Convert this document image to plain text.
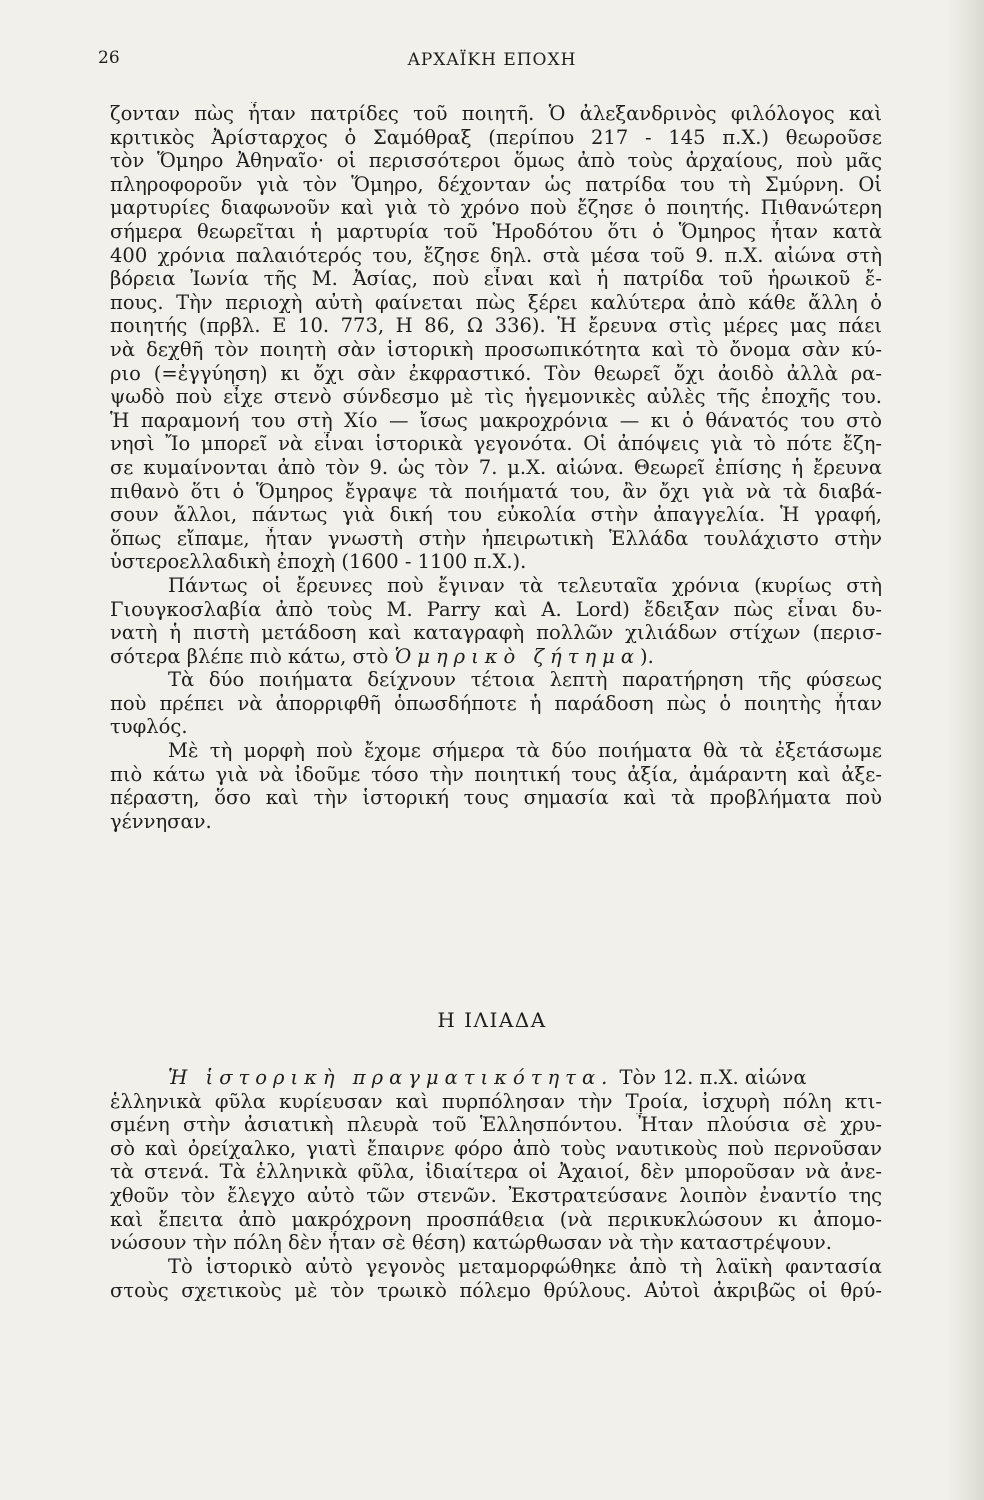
26	ΑΡΧΑΪΚΗ ΕΠΟΧΗ
ζονταν πὼς ἦταν πατρίδες τοῦ ποιητῆ. Ὁ ἀλεξανδρινὸς φιλόλογος καὶ
κριτικὸς Ἀρίσταρχος ὁ Σαμόθραξ (περίπου 217 - 145 π.Χ.) θεωροῦσε
τὸν Ὅμηρο Ἀθηναῖο· οἱ περισσότεροι ὅμως ἀπὸ τοὺς ἀρχαίους, ποὺ μᾶς
πληροφοροῦν γιὰ τὸν Ὅμηρο, δέχονταν ὡς πατρίδα του τὴ Σμύρνη. Οἱ
μαρτυρίες διαφωνοῦν καὶ γιὰ τὸ χρόνο ποὺ ἔζησε ὁ ποιητής. Πιθανώτερη
σήμερα θεωρεῖται ἡ μαρτυρία τοῦ Ἡροδότου ὅτι ὁ Ὅμηρος ἦταν κατὰ
400 χρόνια παλαιότερός του, ἔζησε δηλ. στὰ μέσα τοῦ 9. π.Χ. αἰώνα στὴ
βόρεια Ἰωνία τῆς Μ. Ἀσίας, ποὺ εἶναι καὶ ἡ πατρίδα τοῦ ἡρωικοῦ ἔ-
πους. Τὴν περιοχὴ αὐτὴ φαίνεται πὼς ξέρει καλύτερα ἀπὸ κάθε ἄλλη ὁ
ποιητής (πρβλ. Ε 10. 773, Η 86, Ω 336). Ἡ ἔρευνα στὶς μέρες μας πάει
νὰ δεχθῆ τὸν ποιητὴ σὰν ἱστορικὴ προσωπικότητα καὶ τὸ ὄνομα σὰν κύ-
ριο (=ἐγγύηση) κι ὄχι σὰν ἐκφραστικό. Τὸν θεωρεῖ ὄχι ἀοιδὸ ἀλλὰ ρα-
ψωδὸ ποὺ εἶχε στενὸ σύνδεσμο μὲ τὶς ἡγεμονικὲς αὐλὲς τῆς ἐποχῆς του.
Ἡ παραμονή του στὴ Χίο — ἴσως μακροχρόνια — κι ὁ θάνατός του στὸ
νησὶ Ἴο μπορεῖ νὰ εἶναι ἱστορικὰ γεγονότα. Οἱ ἀπόψεις γιὰ τὸ πότε ἔζη-
σε κυμαίνονται ἀπὸ τὸν 9. ὡς τὸν 7. μ.Χ. αἰώνα. Θεωρεῖ ἐπίσης ἡ ἔρευνα
πιθανὸ ὅτι ὁ Ὅμηρος ἔγραψε τὰ ποιήματά του, ἂν ὄχι γιὰ νὰ τὰ διαβά-
σουν ἄλλοι, πάντως γιὰ δική του εὐκολία στὴν ἀπαγγελία. Ἡ γραφή,
ὅπως εἴπαμε, ἦταν γνωστὴ στὴν ἠπειρωτικὴ Ἑλλάδα τουλάχιστο στὴν
ὑστεροελλαδικὴ ἐποχὴ (1600 - 1100 π.Χ.).
Πάντως οἱ ἔρευνες ποὺ ἔγιναν τὰ τελευταῖα χρόνια (κυρίως στὴ
Γιουγκοσλαβία ἀπὸ τοὺς M. Parry καὶ A. Lord) ἔδειξαν πὼς εἶναι δυ-
νατὴ ἡ πιστὴ μετάδοση καὶ καταγραφὴ πολλῶν χιλιάδων στίχων (περισ-
σότερα βλέπε πιὸ κάτω, στὸ Ὁμηρικὸ ζήτημα).
Τὰ δύο ποιήματα δείχνουν τέτοια λεπτὴ παρατήρηση τῆς φύσεως
ποὺ πρέπει νὰ ἀπορριφθῆ ὁπωσδήποτε ἡ παράδοση πὼς ὁ ποιητὴς ἦταν
τυφλός.
Μὲ τὴ μορφὴ ποὺ ἔχομε σήμερα τὰ δύο ποιήματα θὰ τὰ ἐξετάσωμε
πιὸ κάτω γιὰ νὰ ἰδοῦμε τόσο τὴν ποιητική τους ἀξία, ἀμάραντη καὶ ἀξε-
πέραστη, ὅσο καὶ τὴν ἱστορική τους σημασία καὶ τὰ προβλήματα ποὺ
γέννησαν.
Η ΙΛΙΑΔΑ
Ἡ ἱστορικὴ πραγματικότητα. Τὸν 12. π.Χ. αἰώνα
ἑλληνικὰ φῦλα κυρίευσαν καὶ πυρπόλησαν τὴν Τροία, ἰσχυρὴ πόλη κτι-
σμένη στὴν ἀσιατικὴ πλευρὰ τοῦ Ἑλλησπόντου. Ἦταν πλούσια σὲ χρυ-
σὸ καὶ ὀρείχαλκο, γιατὶ ἔπαιρνε φόρο ἀπὸ τοὺς ναυτικοὺς ποὺ περνοῦσαν
τὰ στενά. Τὰ ἑλληνικὰ φῦλα, ἰδιαίτερα οἱ Ἀχαιοί, δὲν μποροῦσαν νὰ ἀνε-
χθοῦν τὸν ἔλεγχο αὐτὸ τῶν στενῶν. Ἐκστρατεύσανε λοιπὸν ἐναντίο της
καὶ ἔπειτα ἀπὸ μακρόχρονη προσπάθεια (νὰ περικυκλώσουν κι ἀπομο-
νώσουν τὴν πόλη δὲν ἦταν σὲ θέση) κατώρθωσαν νὰ τὴν καταστρέψουν.
Τὸ ἱστορικὸ αὐτὸ γεγονὸς μεταμορφώθηκε ἀπὸ τὴ λαϊκὴ φαντασία
στοὺς σχετικοὺς μὲ τὸν τρωικὸ πόλεμο θρύλους. Αὐτοὶ ἀκριβῶς οἱ θρύ-
